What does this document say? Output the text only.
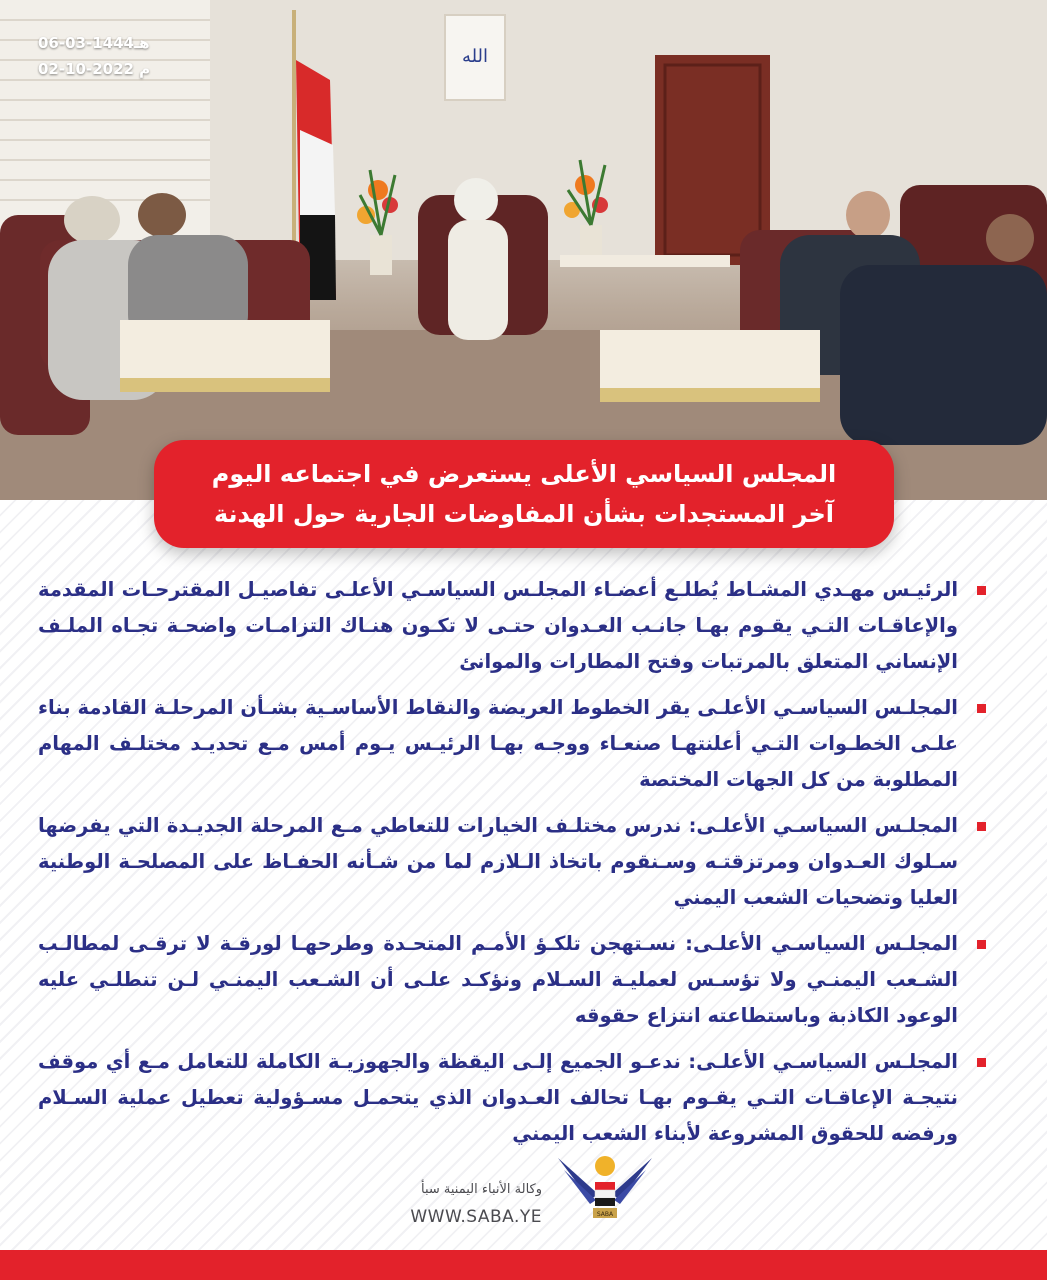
الله
06-03-1444هـ
02-10-2022 م
المجلس السياسي الأعلى يستعرض في اجتماعه اليوم
آخر المستجدات بشأن المفاوضات الجارية حول الهدنة
الرئيـس مهـدي المشـاط يُطلـع أعضـاء المجلـس السياسـي الأعلـى تفاصيـل المقترحـات المقدمة والإعاقـات التـي يقـوم بهـا جانـب العـدوان حتـى لا تكـون هنـاك التزامـات واضحـة تجـاه الملـف الإنساني المتعلق بالمرتبات وفتح المطارات والموانئ
المجلـس السياسـي الأعلـى يقر الخطوط العريضة والنقاط الأساسـية بشـأن المرحلـة القادمة بناء علـى الخطـوات التـي أعلنتهـا صنعـاء ووجـه بهـا الرئيـس يـوم أمس مـع تحديـد مختلـف المهام المطلوبة من كل الجهات المختصة
المجلـس السياسـي الأعلـى: ندرس مختلـف الخيارات للتعاطي مـع المرحلة الجديـدة التي يفرضها سـلوك العـدوان ومرتزقتـه وسـنقوم باتخاذ الـلازم لما من شـأنه الحفـاظ على المصلحـة الوطنية العليا وتضحيات الشعب اليمني
المجلـس السياسـي الأعلـى: نسـتهجن تلكـؤ الأمـم المتحـدة وطرحهـا لورقـة لا ترقـى لمطالـب الشـعب اليمنـي ولا تؤسـس لعمليـة السـلام ونؤكـد علـى أن الشـعب اليمنـي لـن تنطلـي عليه الوعود الكاذبة وباستطاعته انتزاع حقوقه
المجلـس السياسـي الأعلـى: ندعـو الجميع إلـى اليقظة والجهوزيـة الكاملة للتعامل مـع أي موقف نتيجـة الإعاقـات التـي يقـوم بهـا تحالف العـدوان الذي يتحمـل مسـؤولية تعطيل عملية السـلام ورفضه للحقوق المشروعة لأبناء الشعب اليمني
SABA
وكالة الأنباء اليمنية سبأ
WWW.SABA.YE
